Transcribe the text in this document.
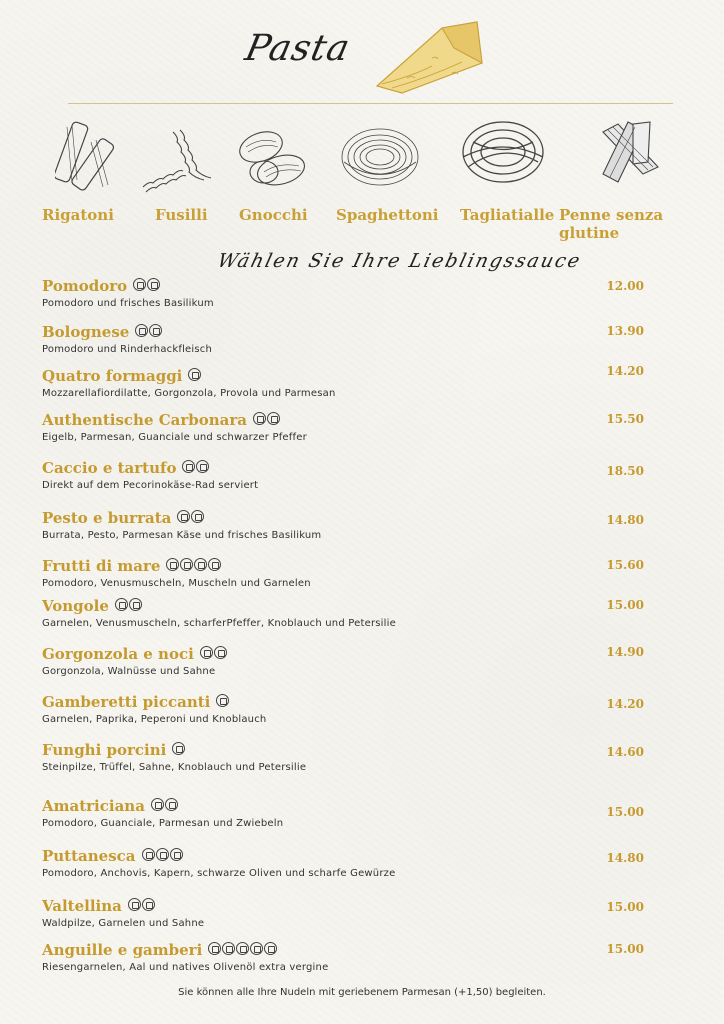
Pasta
Rigatoni	Fusilli Gnocchi Spaghettoni Tagliatialle Penne senza glutine
Wählen Sie Ihre Lieblingssauce
Pomodoro
Pomodoro und frisches Basilikum
12.00
Bolognese
Pomodoro und Rinderhackfleisch
13.90
Quatro formaggi
Mozzarellafiordilatte, Gorgonzola, Provola und Parmesan
14.20
Authentische Carbonara
Eigelb, Parmesan, Guanciale und schwarzer Pfeffer
15.50
Caccio e tartufo
Direkt auf dem Pecorinokäse-Rad serviert
18.50
Pesto e burrata
Burrata, Pesto, Parmesan Käse und frisches Basilikum
14.80
Frutti di mare
Pomodoro, Venusmuscheln, Muscheln und Garnelen
15.60
Vongole
Garnelen, Venusmuscheln, scharferPfeffer, Knoblauch und Petersilie
15.00
Gorgonzola e noci
Gorgonzola, Walnüsse und Sahne
14.90
Gamberetti piccanti
Garnelen, Paprika, Peperoni und Knoblauch
14.20
Funghi porcini
Steinpilze, Trüffel, Sahne, Knoblauch und Petersilie
14.60
Amatriciana
Pomodoro, Guanciale, Parmesan und Zwiebeln
15.00
Puttanesca
Pomodoro, Anchovis, Kapern, schwarze Oliven und scharfe Gewürze
14.80
Valtellina
Waldpilze, Garnelen und Sahne
15.00
Anguille e gamberi
Riesengarnelen, Aal und natives Olivenöl extra vergine
15.00
Sie können alle Ihre Nudeln mit geriebenem Parmesan (+1,50) begleiten.
